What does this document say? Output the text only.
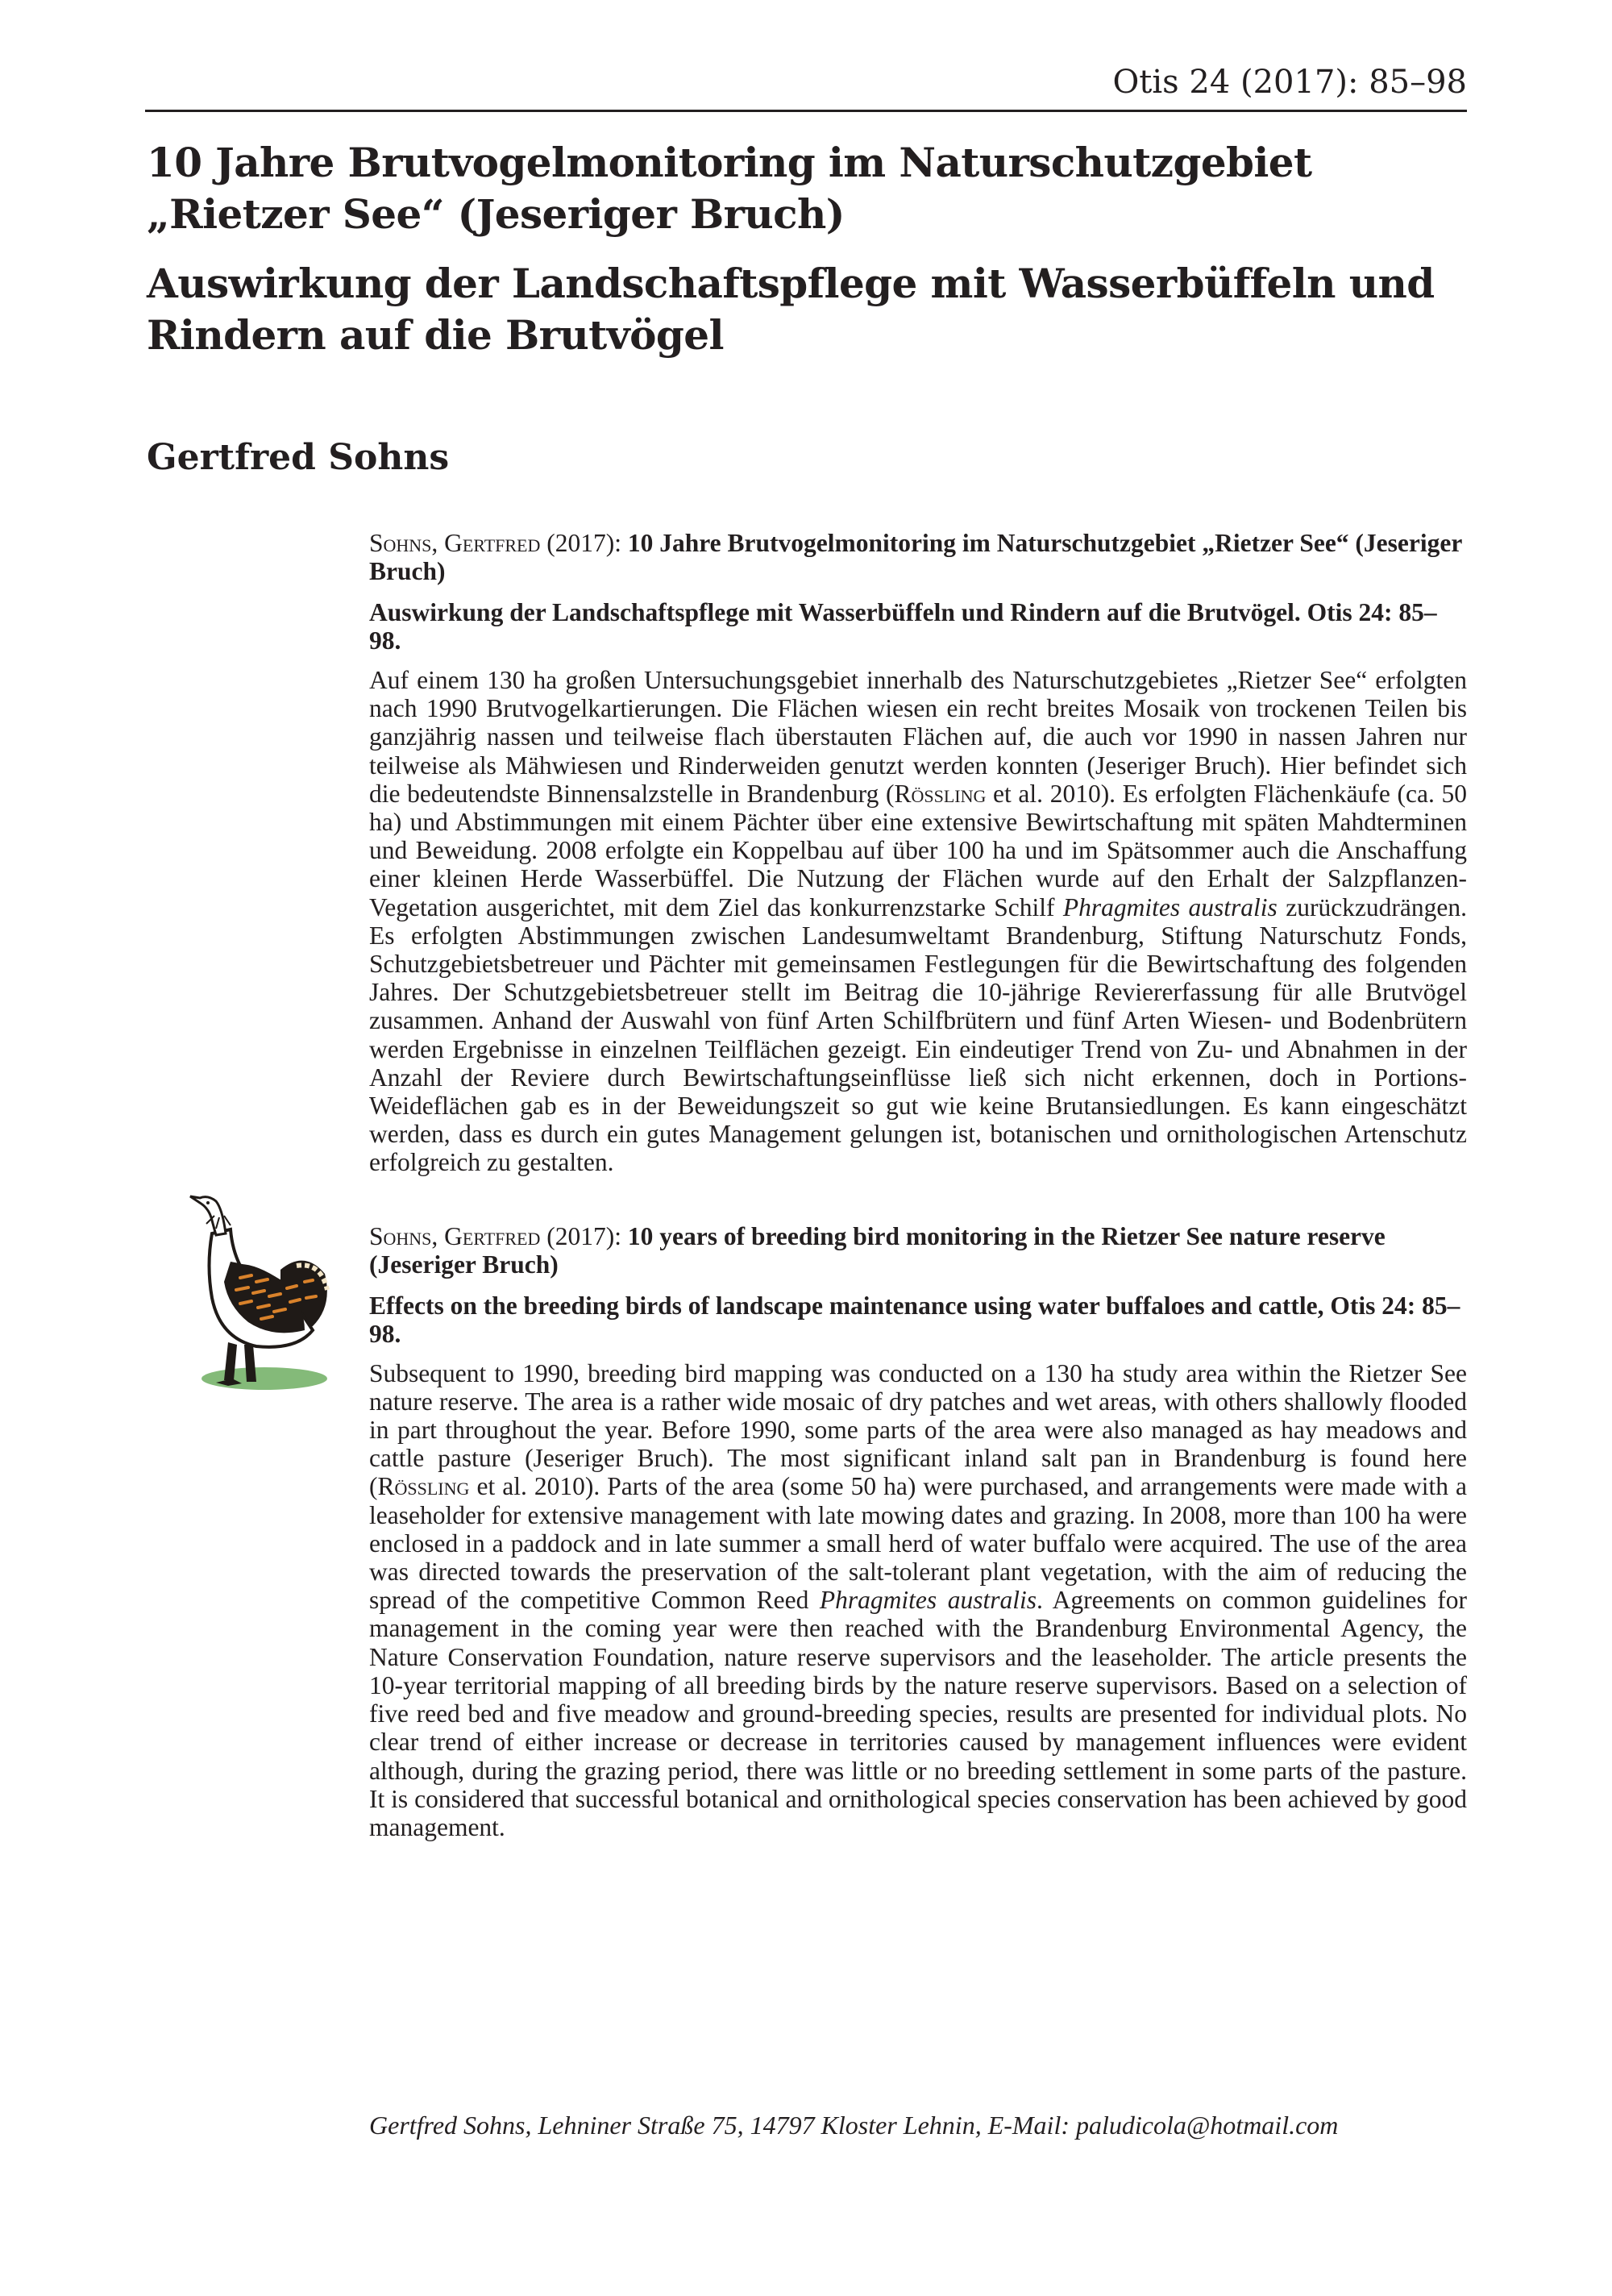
Otis 24 (2017): 85–98
10 Jahre Brutvogelmonitoring im Naturschutzgebiet
„Rietzer See“ (Jeseriger Bruch)
Auswirkung der Landschaftspflege mit Wasserbüffeln und
Rindern auf die Brutvögel
Gertfred Sohns

Sohns, Gertfred (2017): 10 Jahre Brutvogelmonitoring im Naturschutzgebiet „Rietzer See“ (Jeseriger Bruch)

Auswirkung der Landschaftspflege mit Wasserbüffeln und Rindern auf die Brutvögel. Otis 24: 85–98.

Auf einem 130 ha großen Untersuchungsgebiet innerhalb des Naturschutzgebietes „Rietzer See“ erfolgten nach 1990 Brutvogelkartierungen. Die Flächen wiesen ein recht breites Mosaik von trockenen Teilen bis ganzjährig nassen und teilweise flach überstauten Flächen auf, die auch vor 1990 in nassen Jahren nur teilweise als Mähwiesen und Rinderweiden genutzt werden konnten (Jeseriger Bruch). Hier befindet sich die bedeutendste Binnensalzstelle in Brandenburg (Rößling et al. 2010). Es erfolgten Flächenkäufe (ca. 50 ha) und Abstimmungen mit einem Pächter über eine extensive Bewirtschaftung mit späten Mahdterminen und Beweidung. 2008 erfolgte ein Koppelbau auf über 100 ha und im Spätsommer auch die Anschaffung einer kleinen Herde Wasserbüffel. Die Nutzung der Flächen wurde auf den Erhalt der Salzpflanzen-Vegetation ausgerichtet, mit dem Ziel das konkurrenzstarke Schilf Phragmites australis zurückzudrängen. Es erfolgten Abstimmungen zwischen Landesumweltamt Brandenburg, Stiftung Naturschutz Fonds, Schutzgebietsbetreuer und Pächter mit gemeinsamen Festlegungen für die Bewirtschaftung des folgenden Jahres. Der Schutzgebietsbetreuer stellt im Beitrag die 10-jährige Reviererfassung für alle Brutvögel zusammen. Anhand der Auswahl von fünf Arten Schilfbrütern und fünf Arten Wiesen- und Bodenbrütern werden Ergebnisse in einzelnen Teilflächen gezeigt. Ein eindeutiger Trend von Zu- und Abnahmen in der Anzahl der Reviere durch Bewirtschaftungseinflüsse ließ sich nicht erkennen, doch in Portions-Weideflächen gab es in der Beweidungszeit so gut wie keine Brutansiedlungen. Es kann eingeschätzt werden, dass es durch ein gutes Management gelungen ist, botanischen und ornithologischen Artenschutz erfolgreich zu gestalten.

Sohns, Gertfred (2017): 10 years of breeding bird monitoring in the Rietzer See nature reserve (Jeseriger Bruch)

Effects on the breeding birds of landscape maintenance using water buffaloes and cattle, Otis 24: 85–98.

Subsequent to 1990, breeding bird mapping was conducted on a 130 ha study area within the Rietzer See nature reserve. The area is a rather wide mosaic of dry patches and wet areas, with others shallowly flooded in part throughout the year. Before 1990, some parts of the area were also managed as hay meadows and cattle pasture (Jeseriger Bruch). The most significant inland salt pan in Brandenburg is found here (Rößling et al. 2010). Parts of the area (some 50 ha) were purchased, and arrangements were made with a leaseholder for extensive management with late mowing dates and grazing. In 2008, more than 100 ha were enclosed in a paddock and in late summer a small herd of water buffalo were acquired. The use of the area was directed towards the preservation of the salt-tolerant plant vegetation, with the aim of reducing the spread of the competitive Common Reed Phragmites australis. Agreements on common guidelines for management in the coming year were then reached with the Brandenburg Environmental Agency, the Nature Conservation Foundation, nature reserve supervisors and the leaseholder. The article presents the 10-year territorial mapping of all breeding birds by the nature reserve supervisors. Based on a selection of five reed bed and five meadow and ground-breeding species, results are presented for individual plots. No clear trend of either increase or decrease in territories caused by management influences were evident although, during the grazing period, there was little or no breeding settlement in some parts of the pasture. It is considered that successful botanical and ornithological species conservation has been achieved by good management.

Gertfred Sohns, Lehniner Straße 75, 14797 Kloster Lehnin, E-Mail: paludicola@hotmail.com
